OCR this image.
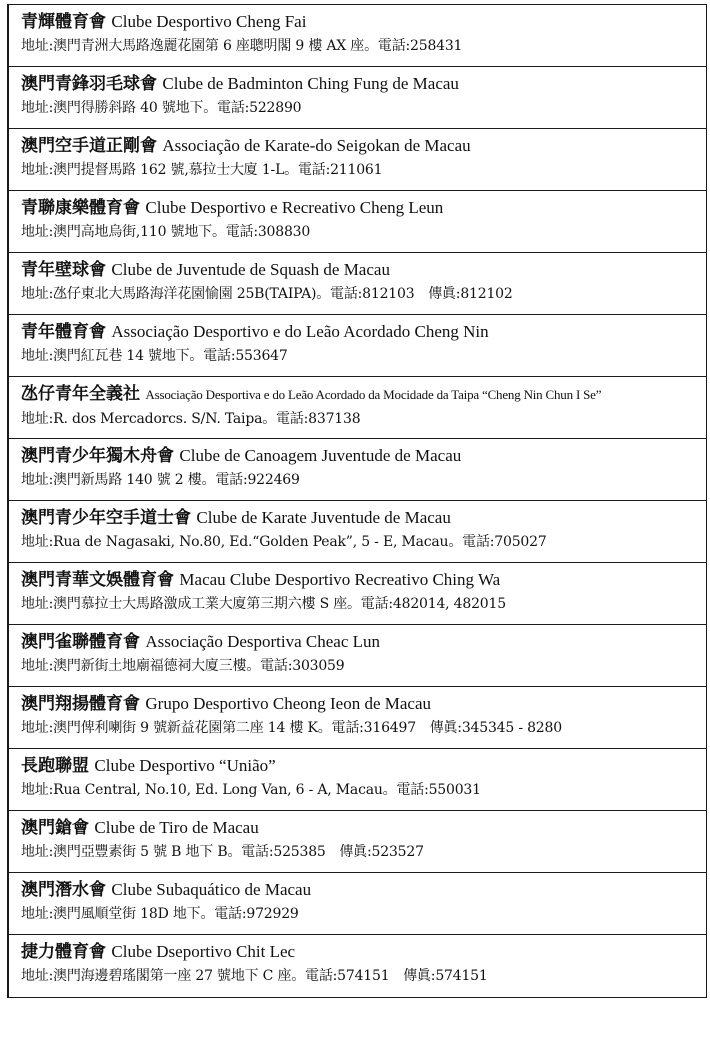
青輝體育會 Clube Desportivo Cheng Fai
地址:澳門青洲大馬路逸麗花園第 6 座聰明閣 9 樓 AX 座。電話:258431
澳門青鋒羽毛球會 Clube de Badminton Ching Fung de Macau
地址:澳門得勝斜路 40 號地下。電話:522890
澳門空手道正剛會 Associação de Karate-do Seigokan de Macau
地址:澳門提督馬路 162 號,慕拉士大廈 1-L。電話:211061
青聯康樂體育會 Clube Desportivo e Recreativo Cheng Leun
地址:澳門高地烏街,110 號地下。電話:308830
青年壁球會 Clube de Juventude de Squash de Macau
地址:氹仔東北大馬路海洋花園愉園 25B(TAIPA)。電話:812103　傳眞:812102
青年體育會 Associação Desportivo e do Leão Acordado Cheng Nin
地址:澳門紅瓦巷 14 號地下。電話:553647
氹仔青年全義社 Associação Desportiva e do Leão Acordado da Mocidade da Taipa “Cheng Nin Chun I Se”
地址:R. dos Mercadorcs. S/N. Taipa。電話:837138
澳門青少年獨木舟會 Clube de Canoagem Juventude de Macau
地址:澳門新馬路 140 號 2 樓。電話:922469
澳門青少年空手道士會 Clube de Karate Juventude de Macau
地址:Rua de Nagasaki, No.80, Ed.“Golden Peak”, 5 - E, Macau。電話:705027
澳門青華文娛體育會 Macau Clube Desportivo Recreativo Ching Wa
地址:澳門慕拉士大馬路激成工業大廈第三期六樓 S 座。電話:482014, 482015
澳門雀聯體育會 Associação Desportiva Cheac Lun
地址:澳門新街土地廟福德祠大廈三樓。電話:303059
澳門翔揚體育會 Grupo Desportivo Cheong Ieon de Macau
地址:澳門俾利喇街 9 號新益花園第二座 14 樓 K。電話:316497　傳眞:345345 - 8280
長跑聯盟 Clube Desportivo “União”
地址:Rua Central, No.10, Ed. Long Van, 6 - A, Macau。電話:550031
澳門鎗會 Clube de Tiro de Macau
地址:澳門亞豐素街 5 號 B 地下 B。電話:525385　傳眞:523527
澳門潛水會 Clube Subaquático de Macau
地址:澳門風順堂街 18D 地下。電話:972929
捷力體育會 Clube Dseportivo Chit Lec
地址:澳門海邊碧瑤閣第一座 27 號地下 C 座。電話:574151　傳眞:574151
